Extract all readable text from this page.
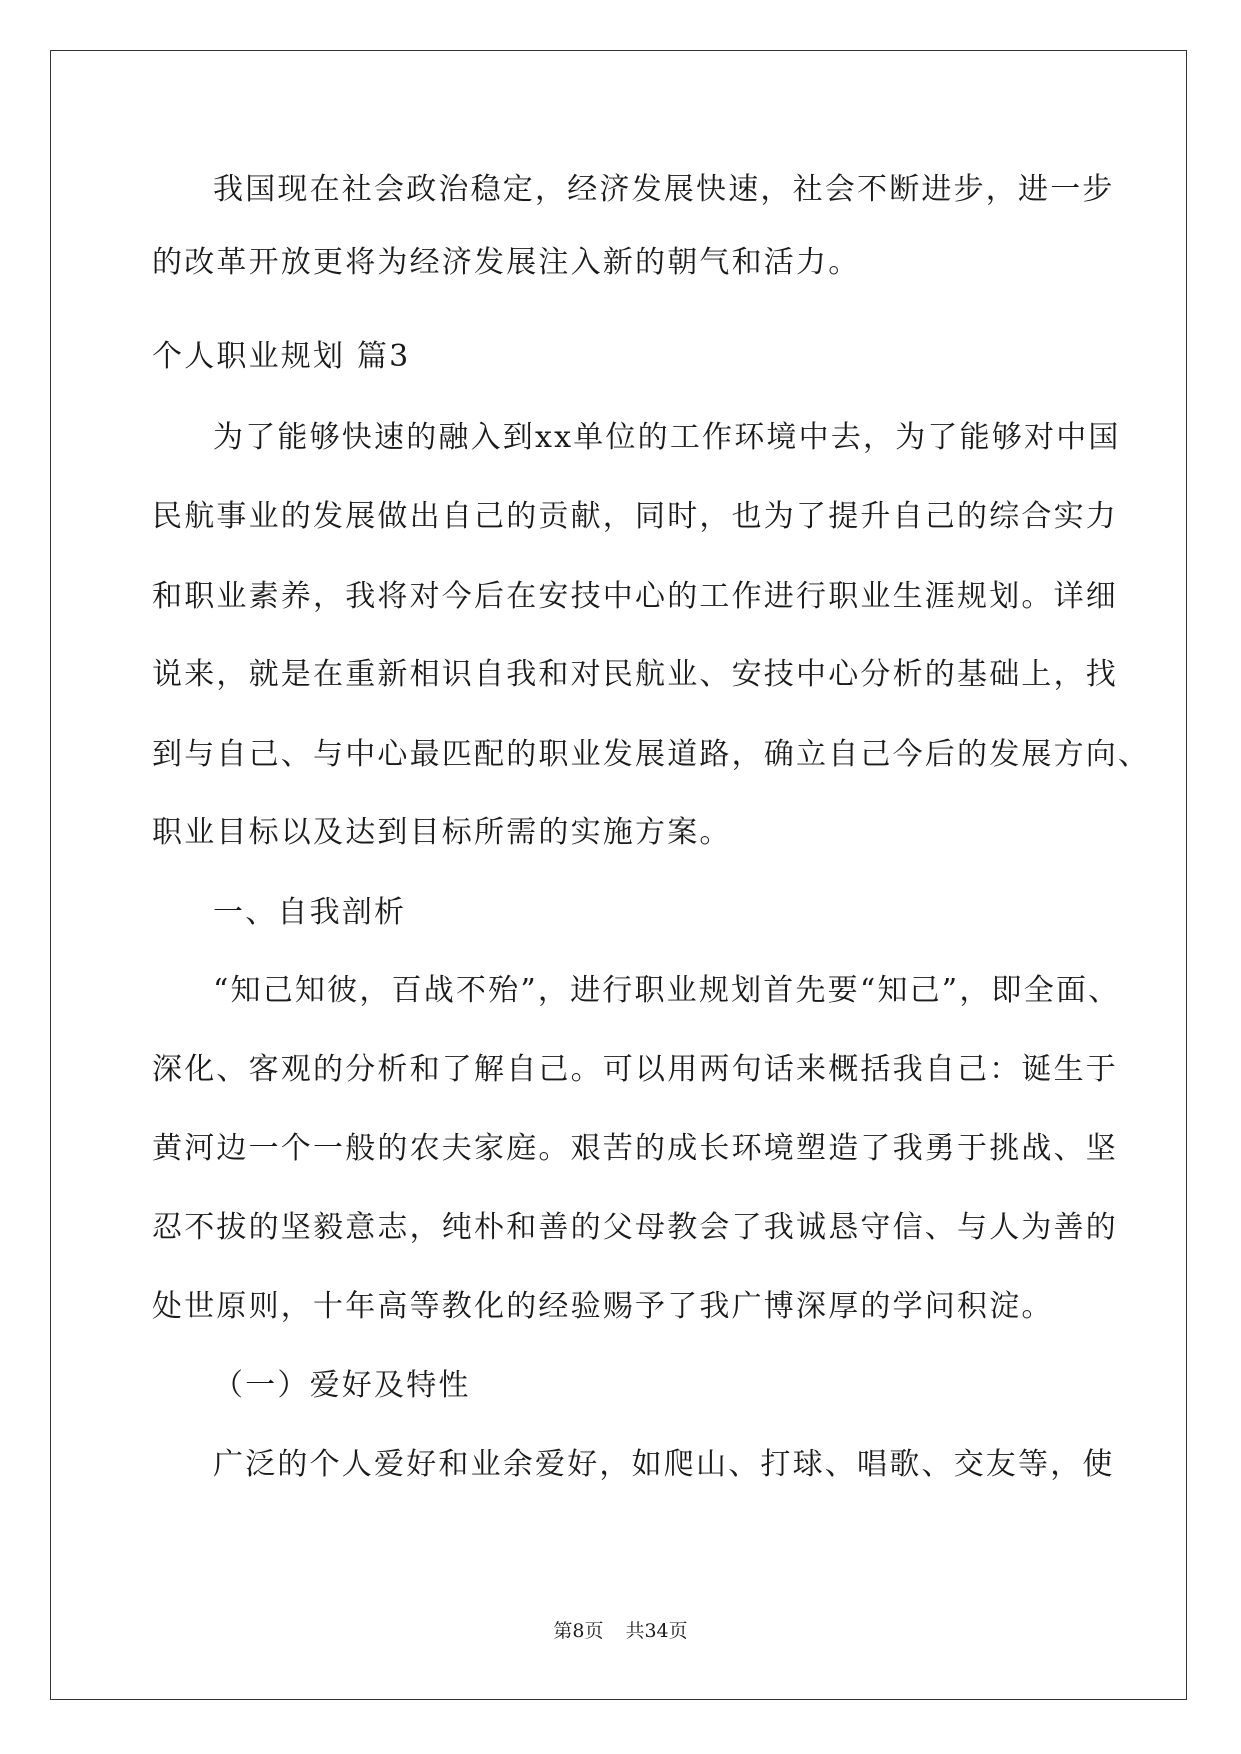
我国现在社会政治稳定，经济发展快速，社会不断进步，进一步
的改革开放更将为经济发展注入新的朝气和活力。
个人职业规划 篇3
为了能够快速的融入到xx单位的工作环境中去，为了能够对中国
民航事业的发展做出自己的贡献，同时，也为了提升自己的综合实力
和职业素养，我将对今后在安技中心的工作进行职业生涯规划。详细
说来，就是在重新相识自我和对民航业、安技中心分析的基础上，找
到与自己、与中心最匹配的职业发展道路，确立自己今后的发展方向、
职业目标以及达到目标所需的实施方案。
一、自我剖析
“知己知彼，百战不殆”，进行职业规划首先要“知己”，即全面、
深化、客观的分析和了解自己。可以用两句话来概括我自己：诞生于
黄河边一个一般的农夫家庭。艰苦的成长环境塑造了我勇于挑战、坚
忍不拔的坚毅意志，纯朴和善的父母教会了我诚恳守信、与人为善的
处世原则，十年高等教化的经验赐予了我广博深厚的学问积淀。
（一）爱好及特性
广泛的个人爱好和业余爱好，如爬山、打球、唱歌、交友等，使
第8页 共34页
